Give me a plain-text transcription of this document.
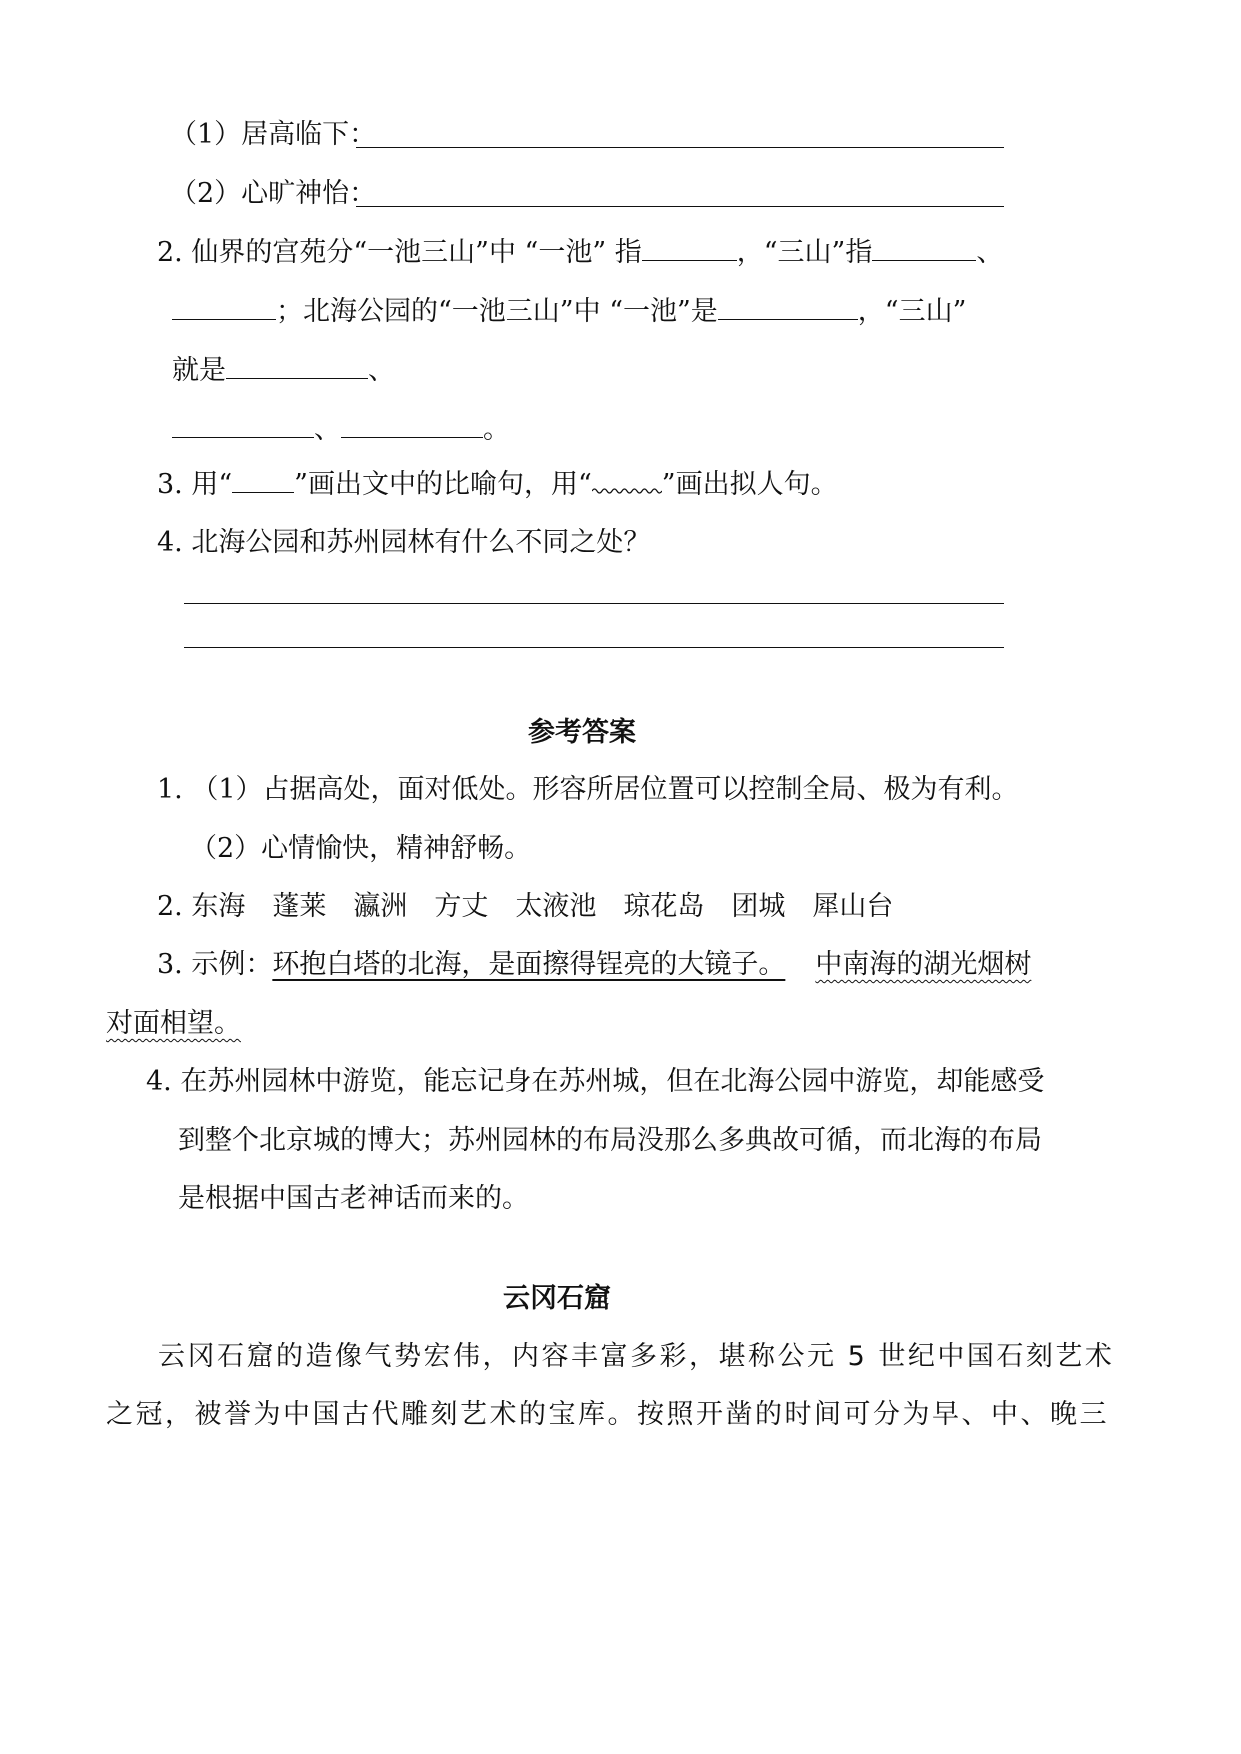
（1）居高临下：
（2）心旷神怡：
2. 仙界的宫苑分“一池三山”中 “一池” 指	，“三山”指	、
；北海公园的“一池三山”中 “一池”是	，“三山”
就是	、
、	。
3. 用“ ”画出文中的比喻句，用“	”画出拟人句。
4. 北海公园和苏州园林有什么不同之处？
参考答案
1. （1）占据高处，面对低处。形容所居位置可以控制全局、极为有利。
（2）心情愉快，精神舒畅。
2. 东海　蓬莱　瀛洲　方丈　太液池　琼花岛　团城　犀山台
3. 示例：环抱白塔的北海，是面擦得锃亮的大镜子。 中南海的湖光烟树
对面相望。
4. 在苏州园林中游览，能忘记身在苏州城，但在北海公园中游览，却能感受
到整个北京城的博大；苏州园林的布局没那么多典故可循，而北海的布局
是根据中国古老神话而来的。
云冈石窟
云冈石窟的造像气势宏伟，内容丰富多彩，堪称公元 5 世纪中国石刻艺术
之冠，被誉为中国古代雕刻艺术的宝库。按照开凿的时间可分为早、中、晚三
